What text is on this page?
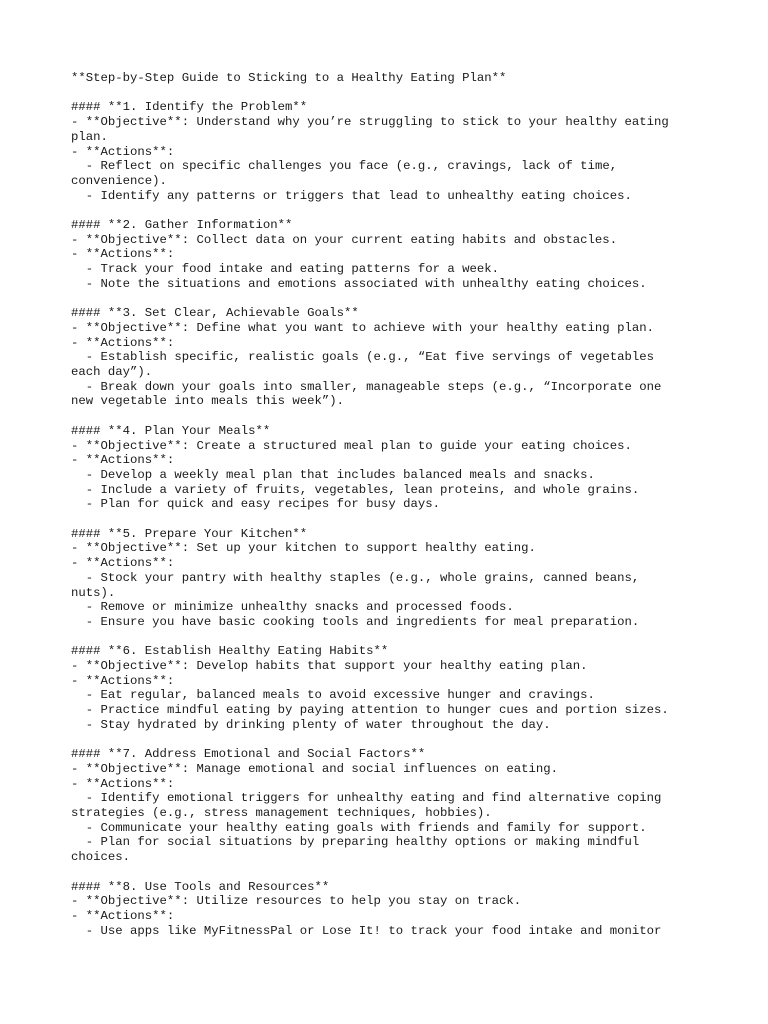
**Step-by-Step Guide to Sticking to a Healthy Eating Plan**
#### **1. Identify the Problem**
- **Objective**: Understand why you’re struggling to stick to your healthy eating
plan.
- **Actions**:
- Reflect on specific challenges you face (e.g., cravings, lack of time,
convenience).
- Identify any patterns or triggers that lead to unhealthy eating choices.
#### **2. Gather Information**
- **Objective**: Collect data on your current eating habits and obstacles.
- **Actions**:
- Track your food intake and eating patterns for a week.
- Note the situations and emotions associated with unhealthy eating choices.
#### **3. Set Clear, Achievable Goals**
- **Objective**: Define what you want to achieve with your healthy eating plan.
- **Actions**:
- Establish specific, realistic goals (e.g., “Eat five servings of vegetables
each day”).
- Break down your goals into smaller, manageable steps (e.g., “Incorporate one
new vegetable into meals this week”).
#### **4. Plan Your Meals**
- **Objective**: Create a structured meal plan to guide your eating choices.
- **Actions**:
- Develop a weekly meal plan that includes balanced meals and snacks.
- Include a variety of fruits, vegetables, lean proteins, and whole grains.
- Plan for quick and easy recipes for busy days.
#### **5. Prepare Your Kitchen**
- **Objective**: Set up your kitchen to support healthy eating.
- **Actions**:
- Stock your pantry with healthy staples (e.g., whole grains, canned beans,
nuts).
- Remove or minimize unhealthy snacks and processed foods.
- Ensure you have basic cooking tools and ingredients for meal preparation.
#### **6. Establish Healthy Eating Habits**
- **Objective**: Develop habits that support your healthy eating plan.
- **Actions**:
- Eat regular, balanced meals to avoid excessive hunger and cravings.
- Practice mindful eating by paying attention to hunger cues and portion sizes.
- Stay hydrated by drinking plenty of water throughout the day.
#### **7. Address Emotional and Social Factors**
- **Objective**: Manage emotional and social influences on eating.
- **Actions**:
- Identify emotional triggers for unhealthy eating and find alternative coping
strategies (e.g., stress management techniques, hobbies).
- Communicate your healthy eating goals with friends and family for support.
- Plan for social situations by preparing healthy options or making mindful
choices.
#### **8. Use Tools and Resources**
- **Objective**: Utilize resources to help you stay on track.
- **Actions**:
- Use apps like MyFitnessPal or Lose It! to track your food intake and monitor
